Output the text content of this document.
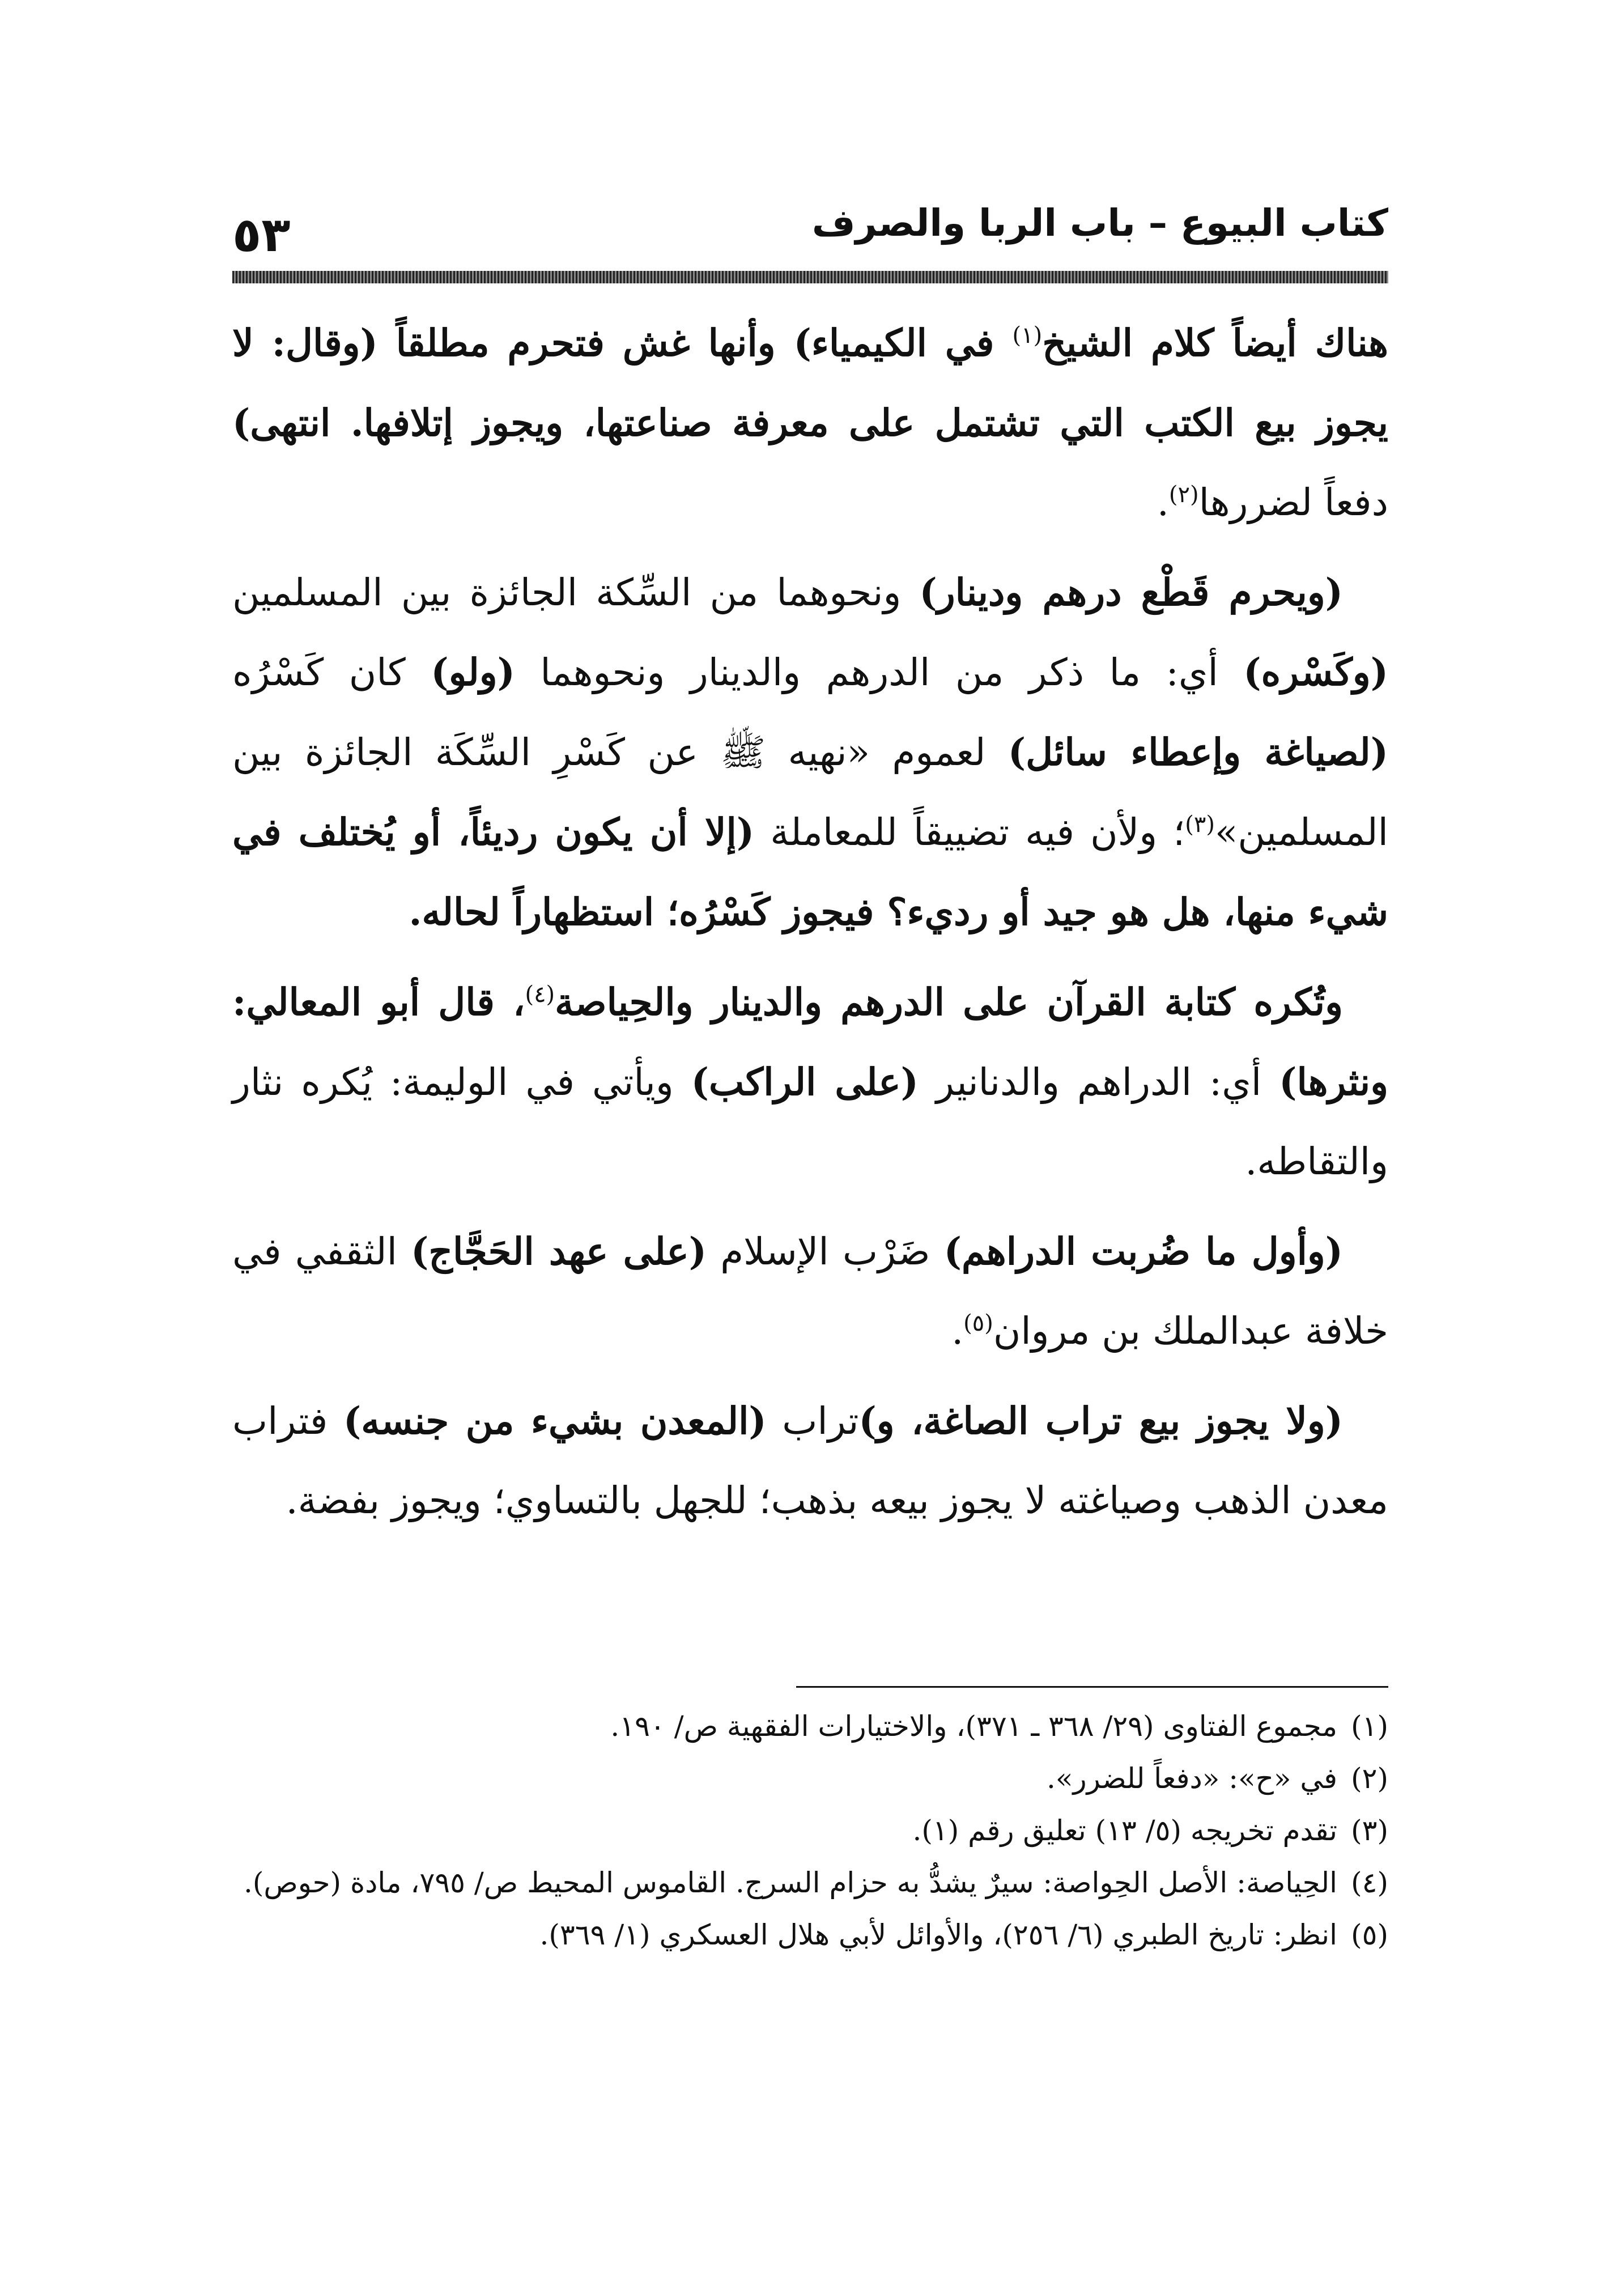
٥٣	كتاب البيوع – باب الربا والصرف

هناك أيضاً كلام الشيخ$^{(١)}$ في الكيمياء) وأنها غش فتحرم مطلقاً (وقال: لا يجوز بيع الكتب التي تشتمل على معرفة صناعتها، ويجوز إتلافها. انتهى) دفعاً لضررها$^{(٢)}$.

(ويحرم قَطْع درهم ودينار) ونحوهما من السِّكة الجائزة بين المسلمين (وكَسْره) أي: ما ذكر من الدرهم والدينار ونحوهما (ولو) كان كَسْرُه (لصياغة وإعطاء سائل) لعموم «نهيه ﷺ عن كَسْرِ السِّكَة الجائزة بين المسلمين»$^{(٣)}$؛ ولأن فيه تضييقاً للمعاملة (إلا أن يكون رديئاً، أو يُختلف في شيء منها، هل هو جيد أو رديء؟ فيجوز كَسْرُه؛ استظهاراً لحاله.

وتُكره كتابة القرآن على الدرهم والدينار والحِياصة$^{(٤)}$، قال أبو المعالي: ونثرها) أي: الدراهم والدنانير (على الراكب) ويأتي في الوليمة: يُكره نثار والتقاطه.

(وأول ما ضُربت الدراهم) ضَرْب الإسلام (على عهد الحَجَّاج) الثقفي في خلافة عبدالملك بن مروان$^{(٥)}$.

(ولا يجوز بيع تراب الصاغة، و)تراب (المعدن بشيء من جنسه) فتراب معدن الذهب وصياغته لا يجوز بيعه بذهب؛ للجهل بالتساوي؛ ويجوز بفضة.

(١)
مجموع الفتاوى (٢٩/ ٣٦٨ ـ ٣٧١)، والاختيارات الفقهية ص/ ١٩٠.
(٢)
في «ح»: «دفعاً للضرر».
(٣)
تقدم تخريجه (٥/ ١٣) تعليق رقم (١).
(٤)
الحِياصة: الأصل الحِواصة: سيرٌ يشدُّ به حزام السرج. القاموس المحيط ص/ ٧٩٥، مادة (حوص).
(٥)
انظر: تاريخ الطبري (٦/ ٢٥٦)، والأوائل لأبي هلال العسكري (١/ ٣٦٩).
